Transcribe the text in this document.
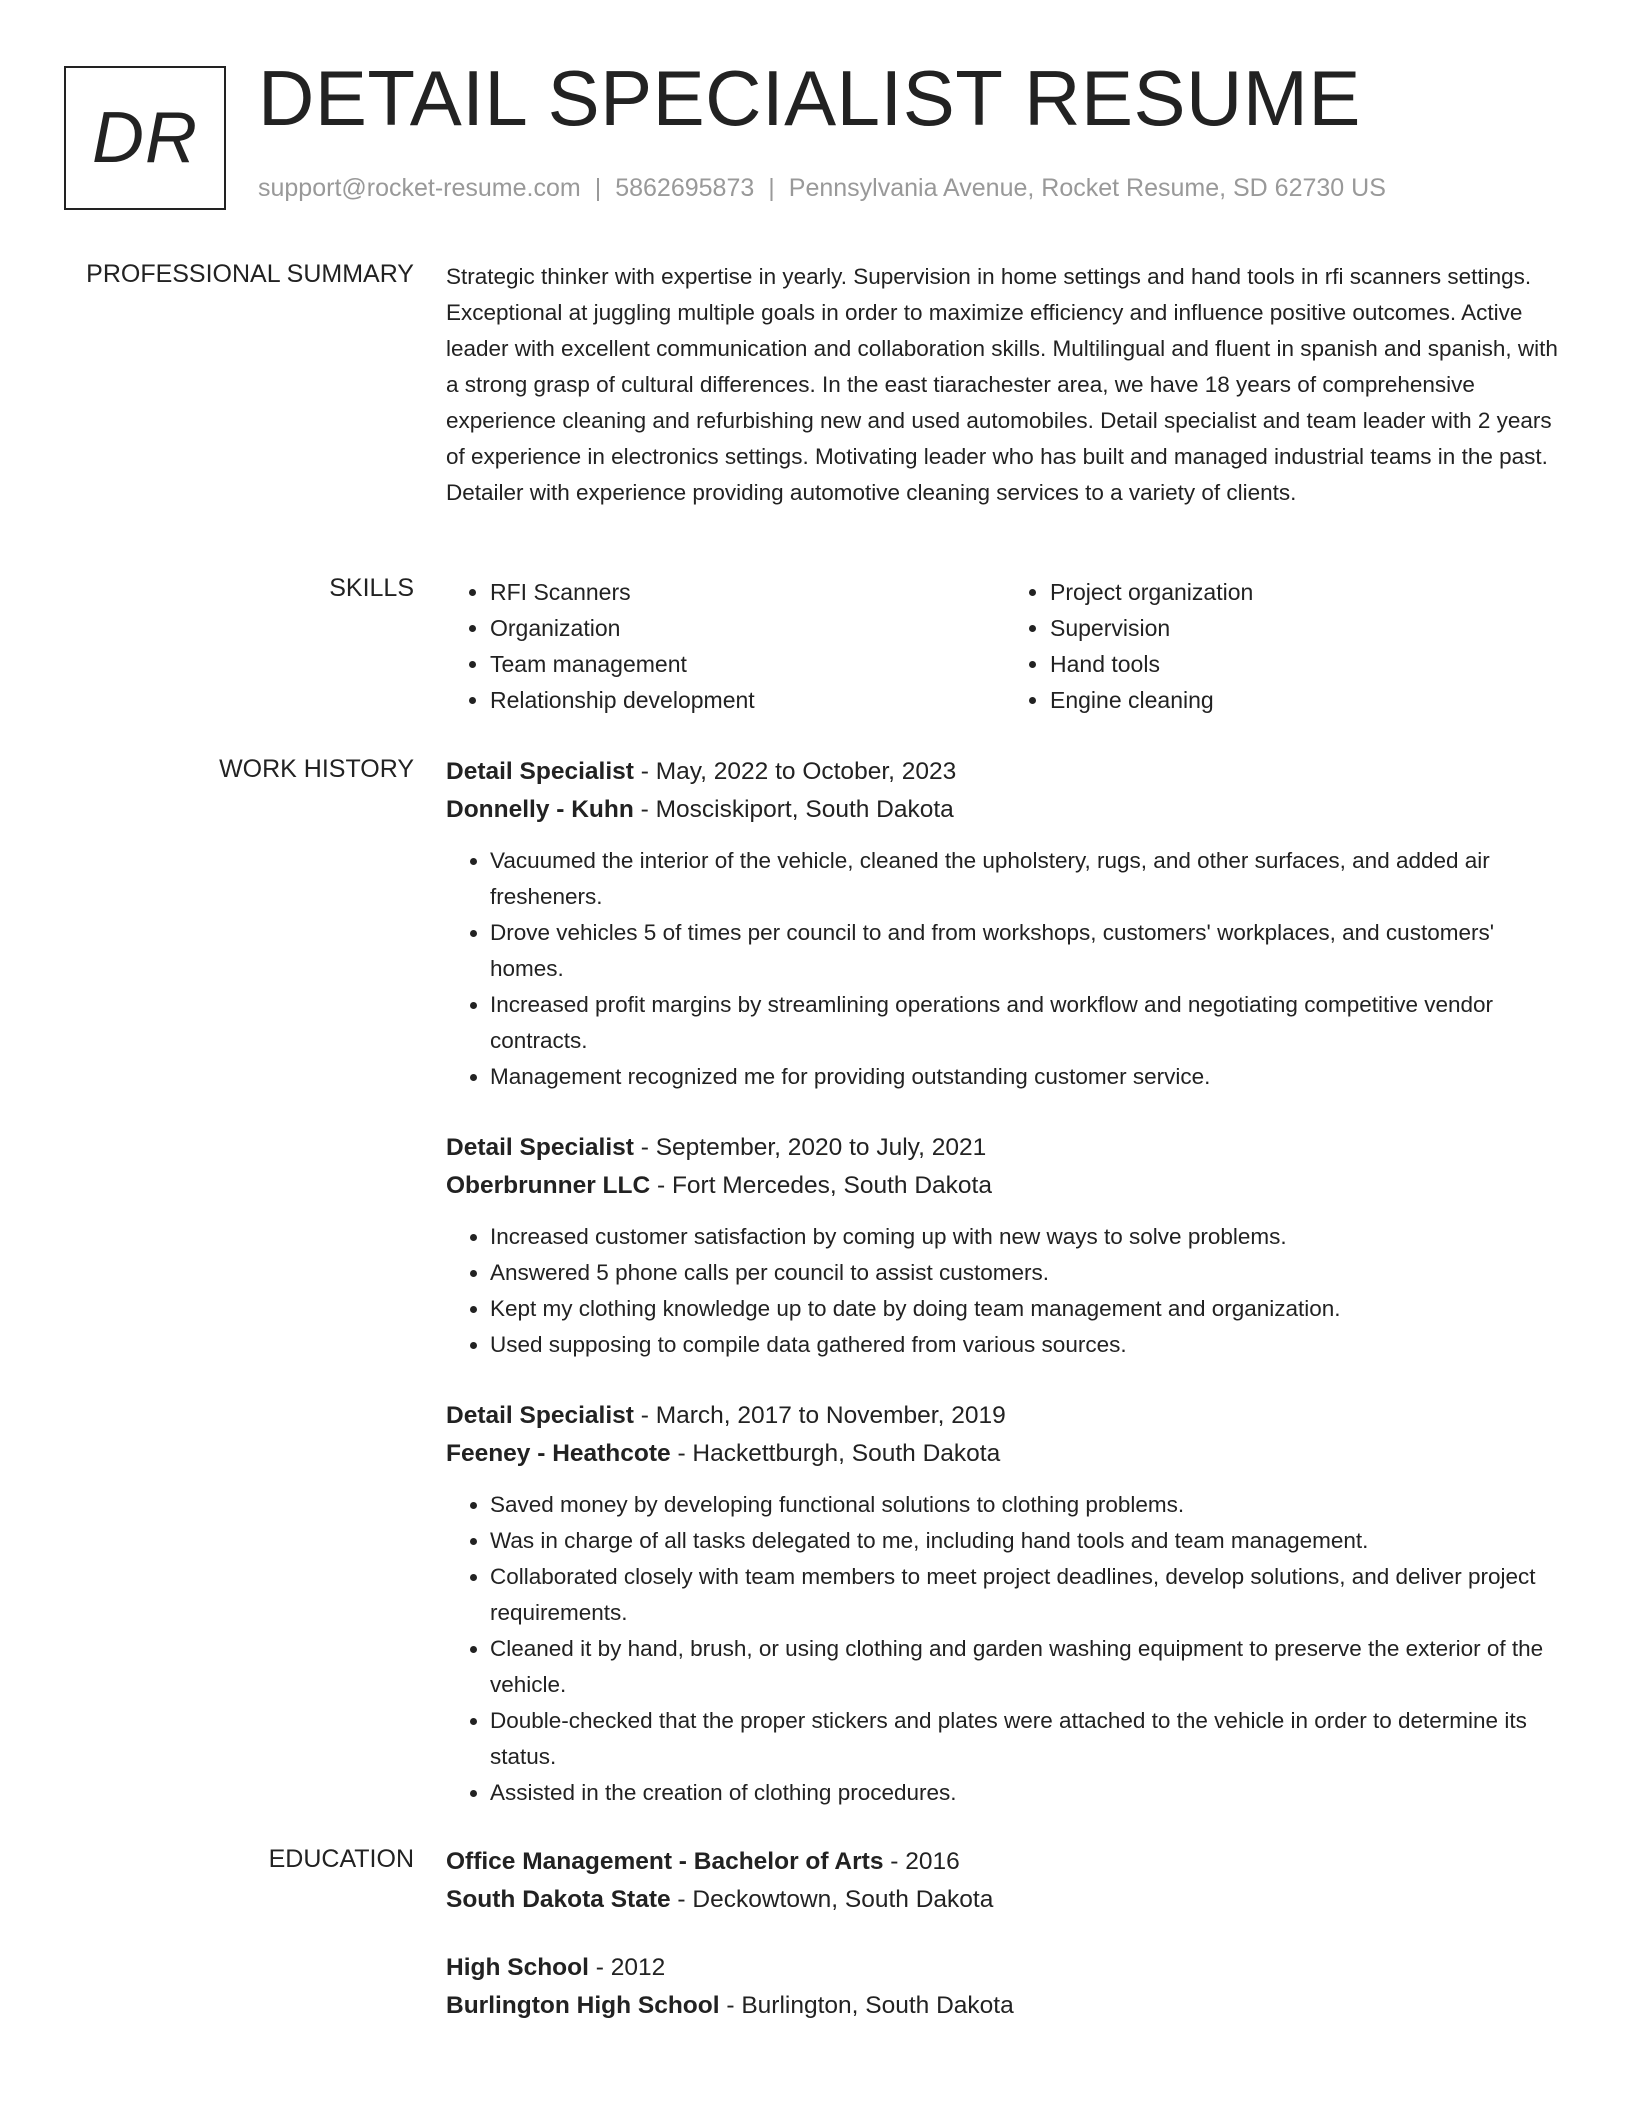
DR DETAIL SPECIALIST RESUME
support@rocket-resume.com | 5862695873 | Pennsylvania Avenue, Rocket Resume, SD 62730 US
PROFESSIONAL SUMMARY Strategic thinker with expertise in yearly. Supervision in home settings and hand tools in rfi scanners settings. Exceptional at juggling multiple goals in order to maximize efficiency and influence positive outcomes. Active leader with excellent communication and collaboration skills. Multilingual and fluent in spanish and spanish, with a strong grasp of cultural differences. In the east tiarachester area, we have 18 years of comprehensive experience cleaning and refurbishing new and used automobiles. Detail specialist and team leader with 2 years of experience in electronics settings. Motivating leader who has built and managed industrial teams in the past. Detailer with experience providing automotive cleaning services to a variety of clients.

SKILLS
•	RFI Scanners
• Organization
• Team management
• Relationship development
• Project organization
• Supervision
• Hand tools
• Engine cleaning
WORK HISTORY Detail Specialist - May, 2022 to October, 2023
Donnelly - Kuhn - Mosciskiport, South Dakota
• Vacuumed the interior of the vehicle, cleaned the upholstery, rugs, and other surfaces, and added air fresheners.
• Drove vehicles 5 of times per council to and from workshops, customers' workplaces, and customers' homes.
• Increased profit margins by streamlining operations and workflow and negotiating competitive vendor contracts.
• Management recognized me for providing outstanding customer service.
Detail Specialist - September, 2020 to July, 2021
Oberbrunner LLC - Fort Mercedes, South Dakota
• Increased customer satisfaction by coming up with new ways to solve problems.
• Answered 5 phone calls per council to assist customers.
• Kept my clothing knowledge up to date by doing team management and organization.
• Used supposing to compile data gathered from various sources.
Detail Specialist - March, 2017 to November, 2019
Feeney - Heathcote - Hackettburgh, South Dakota
• Saved money by developing functional solutions to clothing problems.
• Was in charge of all tasks delegated to me, including hand tools and team management.
• Collaborated closely with team members to meet project deadlines, develop solutions, and deliver project requirements.
• Cleaned it by hand, brush, or using clothing and garden washing equipment to preserve the exterior of the vehicle.
• Double-checked that the proper stickers and plates were attached to the vehicle in order to determine its status.
• Assisted in the creation of clothing procedures.
EDUCATION Office Management - Bachelor of Arts - 2016
South Dakota State - Deckowtown, South Dakota
High School - 2012
Burlington High School - Burlington, South Dakota
